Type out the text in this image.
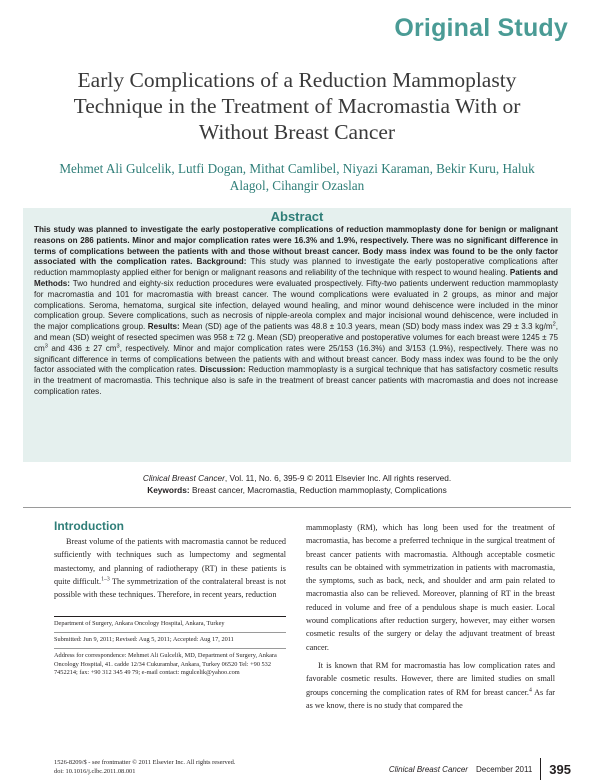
Original Study
Early Complications of a Reduction Mammoplasty Technique in the Treatment of Macromastia With or Without Breast Cancer
Mehmet Ali Gulcelik, Lutfi Dogan, Mithat Camlibel, Niyazi Karaman, Bekir Kuru, Haluk Alagol, Cihangir Ozaslan
Abstract

This study was planned to investigate the early postoperative complications of reduction mammoplasty done for benign or malignant reasons on 286 patients. Minor and major complication rates were 16.3% and 1.9%, respectively. There was no significant difference in terms of complications between the patients with and those without breast cancer. Body mass index was found to be the only factor associated with the complication rates. Background: This study was planned to investigate the early postoperative complications after reduction mammoplasty applied either for benign or malignant reasons and reliability of the technique with respect to wound healing. Patients and Methods: Two hundred and eighty-six reduction procedures were evaluated prospectively. Fifty-two patients underwent reduction mammoplasty for macromastia and 101 for macromastia with breast cancer. The wound complications were evaluated in 2 groups, as minor and major complications. Seroma, hematoma, surgical site infection, delayed wound healing, and minor wound dehiscence were included in the minor complication group. Severe complications, such as necrosis of nipple-areola complex and major incisional wound dehiscence, were included in the major complications group. Results: Mean (SD) age of the patients was 48.8 ± 10.3 years, mean (SD) body mass index was 29 ± 3.3 $kg/m^2$, and mean (SD) weight of resected specimen was 958 ± 72 g. Mean (SD) preoperative and postoperative volumes for each breast were 1245 ± 75 $cm^3$ and 436 ± 27 $cm^3$, respectively. Minor and major complication rates were 25/153 (16.3%) and 3/153 (1.9%), respectively. There was no significant difference in terms of complications between the patients with and without breast cancer. Body mass index was found to be the only factor associated with the complication rates. Discussion: Reduction mammoplasty is a surgical technique that has satisfactory cosmetic results in the treatment of macromastia. This technique also is safe in the treatment of breast cancer patients with macromastia and does not increase complication rates.

Clinical Breast Cancer, Vol. 11, No. 6, 395-9 © 2011 Elsevier Inc. All rights reserved.
Keywords: Breast cancer, Macromastia, Reduction mammoplasty, Complications
Introduction

Breast volume of the patients with macromastia cannot be reduced sufficiently with techniques such as lumpectomy and segmental mastectomy, and planning of radiotherapy (RT) in these patients is quite difficult.$^{1-3}$ The symmetrization of the contralateral breast is not possible with these techniques. Therefore, in recent years, reduction

Department of Surgery, Ankara Oncology Hospital, Ankara, Turkey
Submitted: Jun 9, 2011; Revised: Aug 5, 2011; Accepted: Aug 17, 2011
Address for correspondence: Mehmet Ali Gulcelik, MD, Department of Surgery, Ankara Oncology Hospital, 41. cadde 12/34 Cukurambar, Ankara, Turkey 06520 Tel: +90 532 7452214; fax: +90 312 345 49 79; e-mail contact: mgulcelik@yahoo.com

mammoplasty (RM), which has long been used for the treatment of macromastia, has become a preferred technique in the surgical treatment of breast cancer patients with macromastia. Although acceptable cosmetic results can be obtained with symmetrization in patients with macromastia, the symptoms, such as back, neck, and shoulder and arm pain related to macromastia also can be relieved. Moreover, planning of RT in the breast reduced in volume and free of a pendulous shape is much easier. Local wound complications after reduction surgery, however, may either worsen cosmetic results of the surgery or delay the adjuvant treatment of breast cancer.

It is known that RM for macromastia has low complication rates and favorable cosmetic results. However, there are limited studies on small groups concerning the complication rates of RM for breast cancer.$^4$ As far as we know, there is no study that compared the

1526-8209/$ - see frontmatter © 2011 Elsevier Inc. All rights reserved.
doi: 10.1016/j.clbc.2011.08.001	Clinical Breast Cancer December 2011 395
